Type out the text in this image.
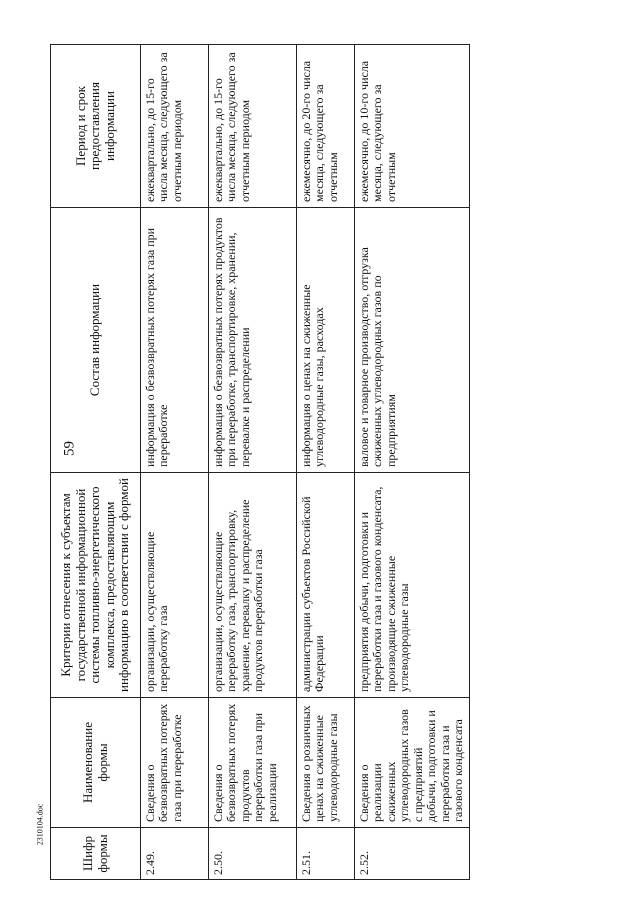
59
2310104.doc
Шифр формы	Наименование формы	Критерии отнесения к субъектам государственной информационной системы топливно-энергетического комплекса, предоставляющим информацию в соответствии с формой	Состав информации	Период и срок предоставления информации
2.49.	Сведения о безвозвратных потерях газа при переработке	организации, осуществляющие переработку газа	информация о безвозвратных потерях газа при переработке	ежеквартально, до 15-го числа месяца, следующего за отчетным периодом
2.50.	Сведения о безвозвратных потерях продуктов переработки газа при реализации	организации, осуществляющие переработку газа, транспортировку, хранение, перевалку и распределение продуктов переработки газа	информация о безвозвратных потерях продуктов при переработке, транспортировке, хранении, перевалке и распределении	ежеквартально, до 15-го числа месяца, следующего за отчетным периодом
2.51.	Сведения о розничных ценах на сжиженные углеводородные газы	администрации субъектов Российской Федерации	информация о ценах на сжиженные углеводородные газы, расходах	ежемесячно, до 20-го числа месяца, следующего за отчетным
2.52.	Сведения о реализации сжиженных углеводородных газов с предприятий добычи, подготовки и переработки газа и газового конденсата	предприятия добычи, подготовки и переработки газа и газового конденсата, производящие сжиженные углеводородные газы	валовое и товарное производство, отгрузка сжиженных углеводородных газов по предприятиям	ежемесячно, до 10-го числа месяца, следующего за отчетным
